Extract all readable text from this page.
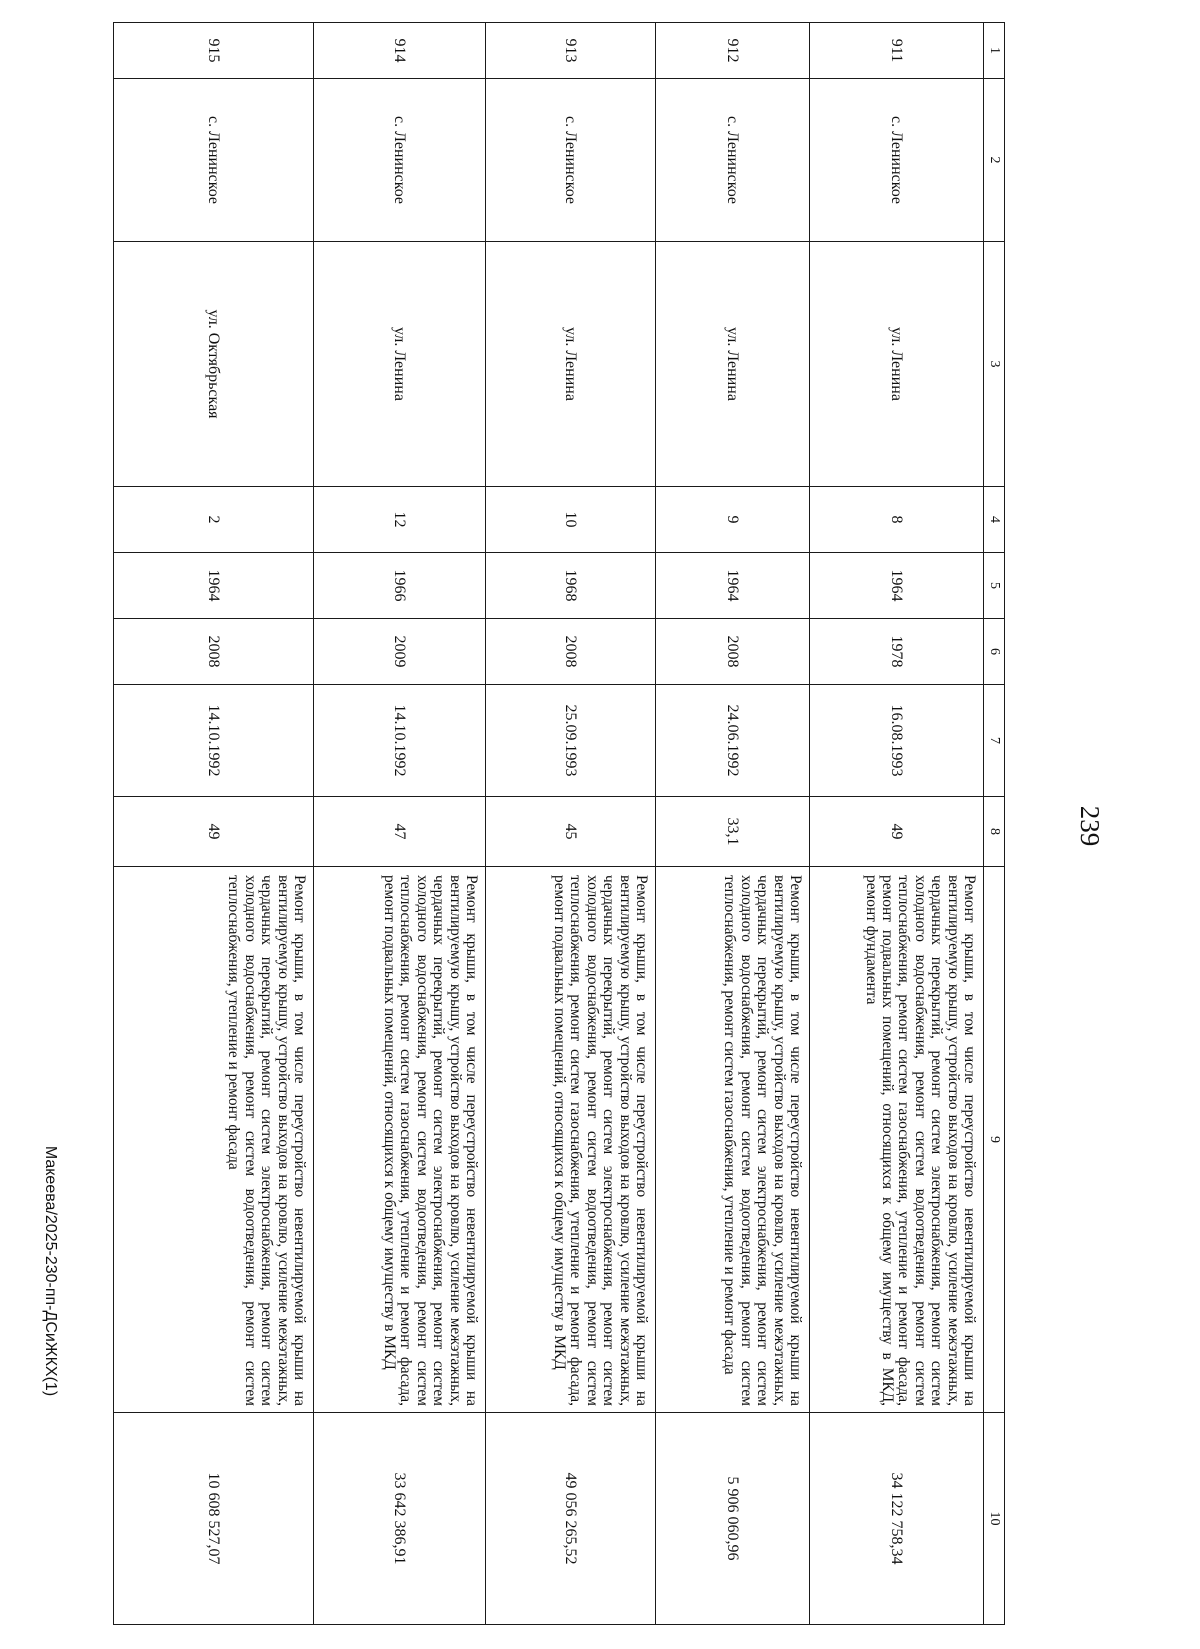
239
1	2	3	4	5	6	7	8	9	10
911	с. Ленинское	ул. Ленина	8	1964	1978	16.08.1993	49	Ремонт крыши, в том числе переустройство невентилируемой крыши на вентилируемую крышу, устройство выходов на кровлю, усиление межэтажных, чердачных перекрытий, ремонт систем электроснабжения, ремонт систем холодного водоснабжения, ремонт систем водоотведения, ремонт систем теплоснабжения, ремонт систем газоснабжения, утепление и ремонт фасада, ремонт подвальных помещений, относящихся к общему имуществу в МКД, ремонт фундамента	34 122 758,34
912	с. Ленинское	ул. Ленина	9	1964	2008	24.06.1992	33,1	Ремонт крыши, в том числе переустройство невентилируемой крыши на вентилируемую крышу, устройство выходов на кровлю, усиление межэтажных, чердачных перекрытий, ремонт систем электроснабжения, ремонт систем холодного водоснабжения, ремонт систем водоотведения, ремонт систем теплоснабжения, ремонт систем газоснабжения, утепление и ремонт фасада	5 906 060,96
913	с. Ленинское	ул. Ленина	10	1968	2008	25.09.1993	45	Ремонт крыши, в том числе переустройство невентилируемой крыши на вентилируемую крышу, устройство выходов на кровлю, усиление межэтажных, чердачных перекрытий, ремонт систем электроснабжения, ремонт систем холодного водоснабжения, ремонт систем водоотведения, ремонт систем теплоснабжения, ремонт систем газоснабжения, утепление и ремонт фасада, ремонт подвальных помещений, относящихся к общему имуществу в МКД	49 056 265,52
914	с. Ленинское	ул. Ленина	12	1966	2009	14.10.1992	47	Ремонт крыши, в том числе переустройство невентилируемой крыши на вентилируемую крышу, устройство выходов на кровлю, усиление межэтажных, чердачных перекрытий, ремонт систем электроснабжения, ремонт систем холодного водоснабжения, ремонт систем водоотведения, ремонт систем теплоснабжения, ремонт систем газоснабжения, утепление и ремонт фасада, ремонт подвальных помещений, относящихся к общему имуществу в МКД	33 642 386,91
915	с. Ленинское	ул. Октябрьская	2	1964	2008	14.10.1992	49	Ремонт крыши, в том числе переустройство невентилируемой крыши на вентилируемую крышу, устройство выходов на кровлю, усиление межэтажных, чердачных перекрытий, ремонт систем электроснабжения, ремонт систем холодного водоснабжения, ремонт систем водоотведения, ремонт систем теплоснабжения, утепление и ремонт фасада	10 608 527,07
Макеева/2025-230-пп-ДСиЖКХ(1)
